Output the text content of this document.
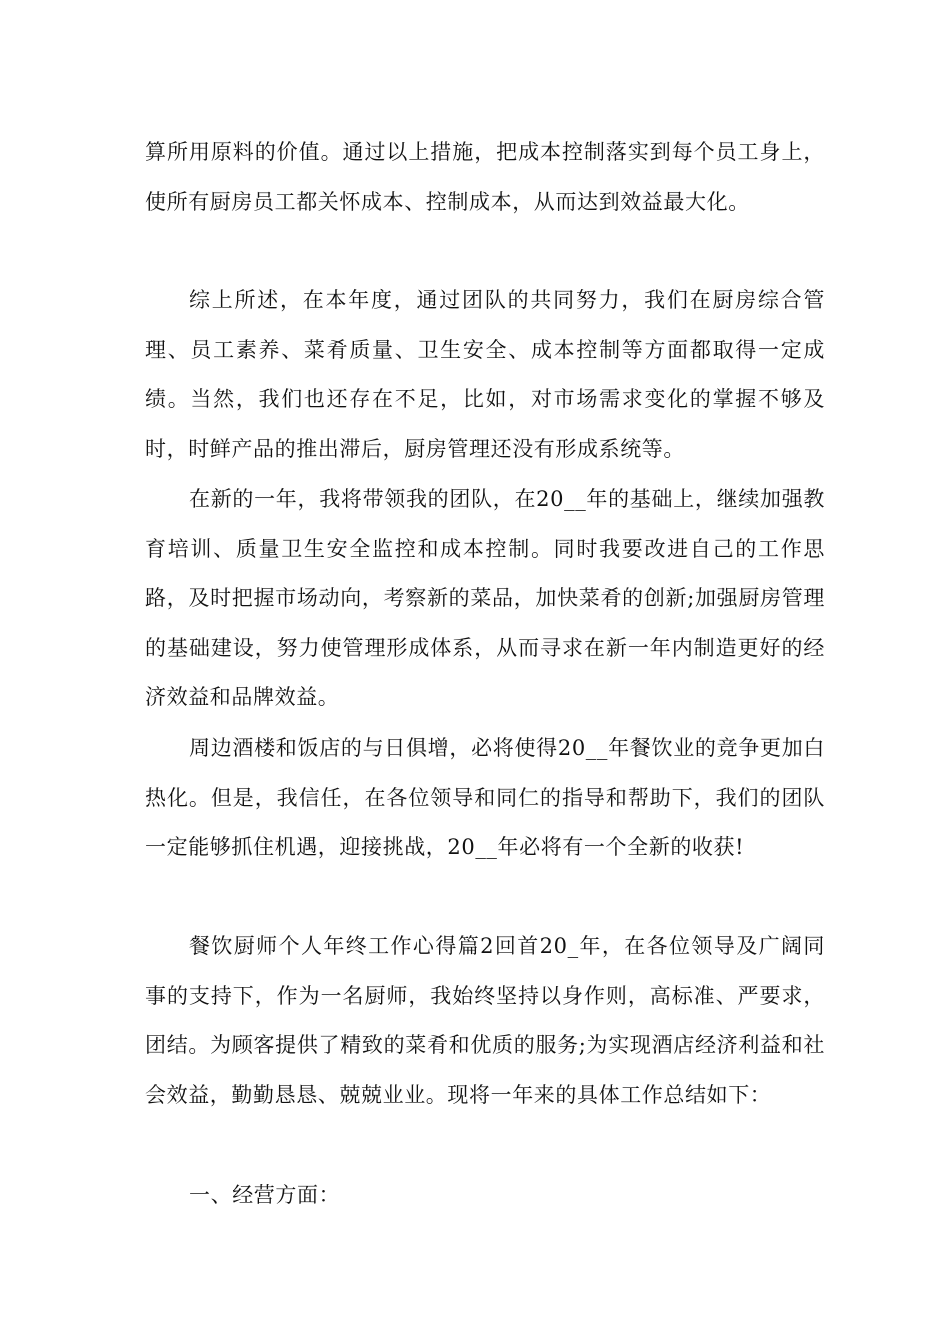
算所用原料的价值。通过以上措施，把成本控制落实到每个员工身上，使所有厨房员工都关怀成本、控制成本，从而达到效益最大化。

综上所述，在本年度，通过团队的共同努力，我们在厨房综合管理、员工素养、菜肴质量、卫生安全、成本控制等方面都取得一定成绩。当然，我们也还存在不足，比如，对市场需求变化的掌握不够及时，时鲜产品的推出滞后，厨房管理还没有形成系统等。

在新的一年，我将带领我的团队，在20__年的基础上，继续加强教育培训、质量卫生安全监控和成本控制。同时我要改进自己的工作思路，及时把握市场动向，考察新的菜品，加快菜肴的创新;加强厨房管理的基础建设，努力使管理形成体系，从而寻求在新一年内制造更好的经济效益和品牌效益。

周边酒楼和饭店的与日俱增，必将使得20__年餐饮业的竞争更加白热化。但是，我信任，在各位领导和同仁的指导和帮助下，我们的团队一定能够抓住机遇，迎接挑战，20__年必将有一个全新的收获!

餐饮厨师个人年终工作心得篇2回首20_年，在各位领导及广阔同事的支持下，作为一名厨师，我始终坚持以身作则，高标准、严要求，团结。为顾客提供了精致的菜肴和优质的服务;为实现酒店经济利益和社会效益，勤勤恳恳、兢兢业业。现将一年来的具体工作总结如下：

一、经营方面：
